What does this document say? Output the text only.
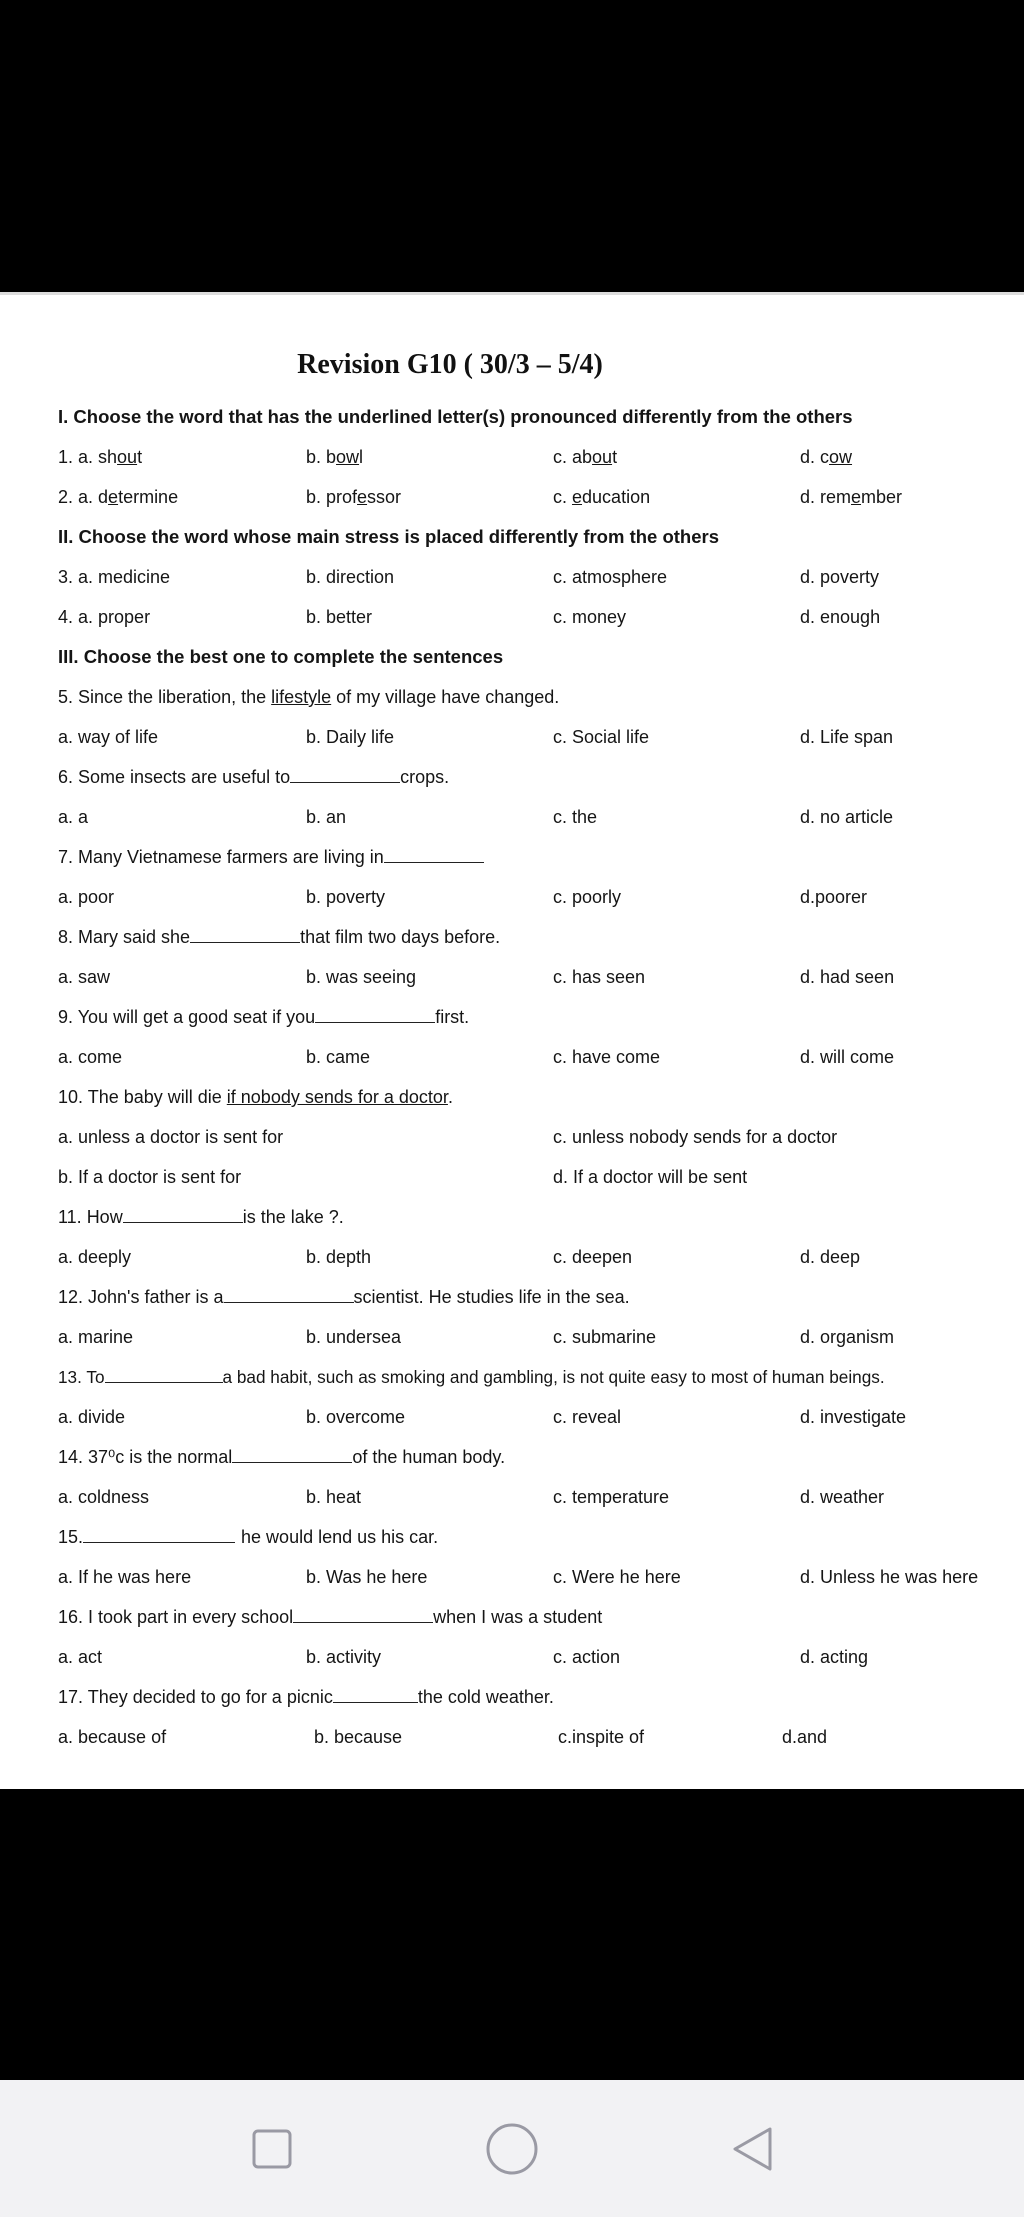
Revision G10 ( 30/3 – 5/4)
I. Choose the word that has the underlined letter(s) pronounced differently from the others
1. a. shout	b. bowl	c. about	d. cow
2. a. determine	b. professor	c. education	d. remember
II. Choose the word whose main stress is placed differently from the others
3. a. medicine	b. direction	c. atmosphere	d. poverty
4. a. proper	b. better	c. money	d. enough
III. Choose the best one to complete the sentences
5. Since the liberation, the lifestyle of my village have changed.
a. way of life	b. Daily life	c. Social life	d. Life span
6. Some insects are useful to	crops.
a. a	b. an	c. the	d. no article
7. Many Vietnamese farmers are living in
a. poor	b. poverty	c. poorly	d.poorer
8. Mary said she	that film two days before.
a. saw	b. was seeing	c. has seen	d. had seen
9. You will get a good seat if you	first.
a. come	b. came	c. have come	d. will come
10. The baby will die if nobody sends for a doctor.
a. unless a doctor is sent for	c. unless nobody sends for a doctor
b. If a doctor is sent for	d. If a doctor will be sent
11. How	is the lake ?.
a. deeply	b. depth	c. deepen	d. deep
12. John's father is a	scientist. He studies life in the sea.
a. marine	b. undersea	c. submarine	d. organism
13. To	a bad habit, such as smoking and gambling, is not quite easy to most of human beings.
a. divide	b. overcome	c. reveal	d. investigate
14. 37⁰c is the normal	of the human body.
a. coldness	b. heat	c. temperature	d. weather
15.	he would lend us his car.
a. If he was here	b. Was he here	c. Were he here	d. Unless he was here
16. I took part in every school	when I was a student
a. act	b. activity	c. action	d. acting
17. They decided to go for a picnic	the cold weather.
a. because of	b. because	c.inspite of	d.and
